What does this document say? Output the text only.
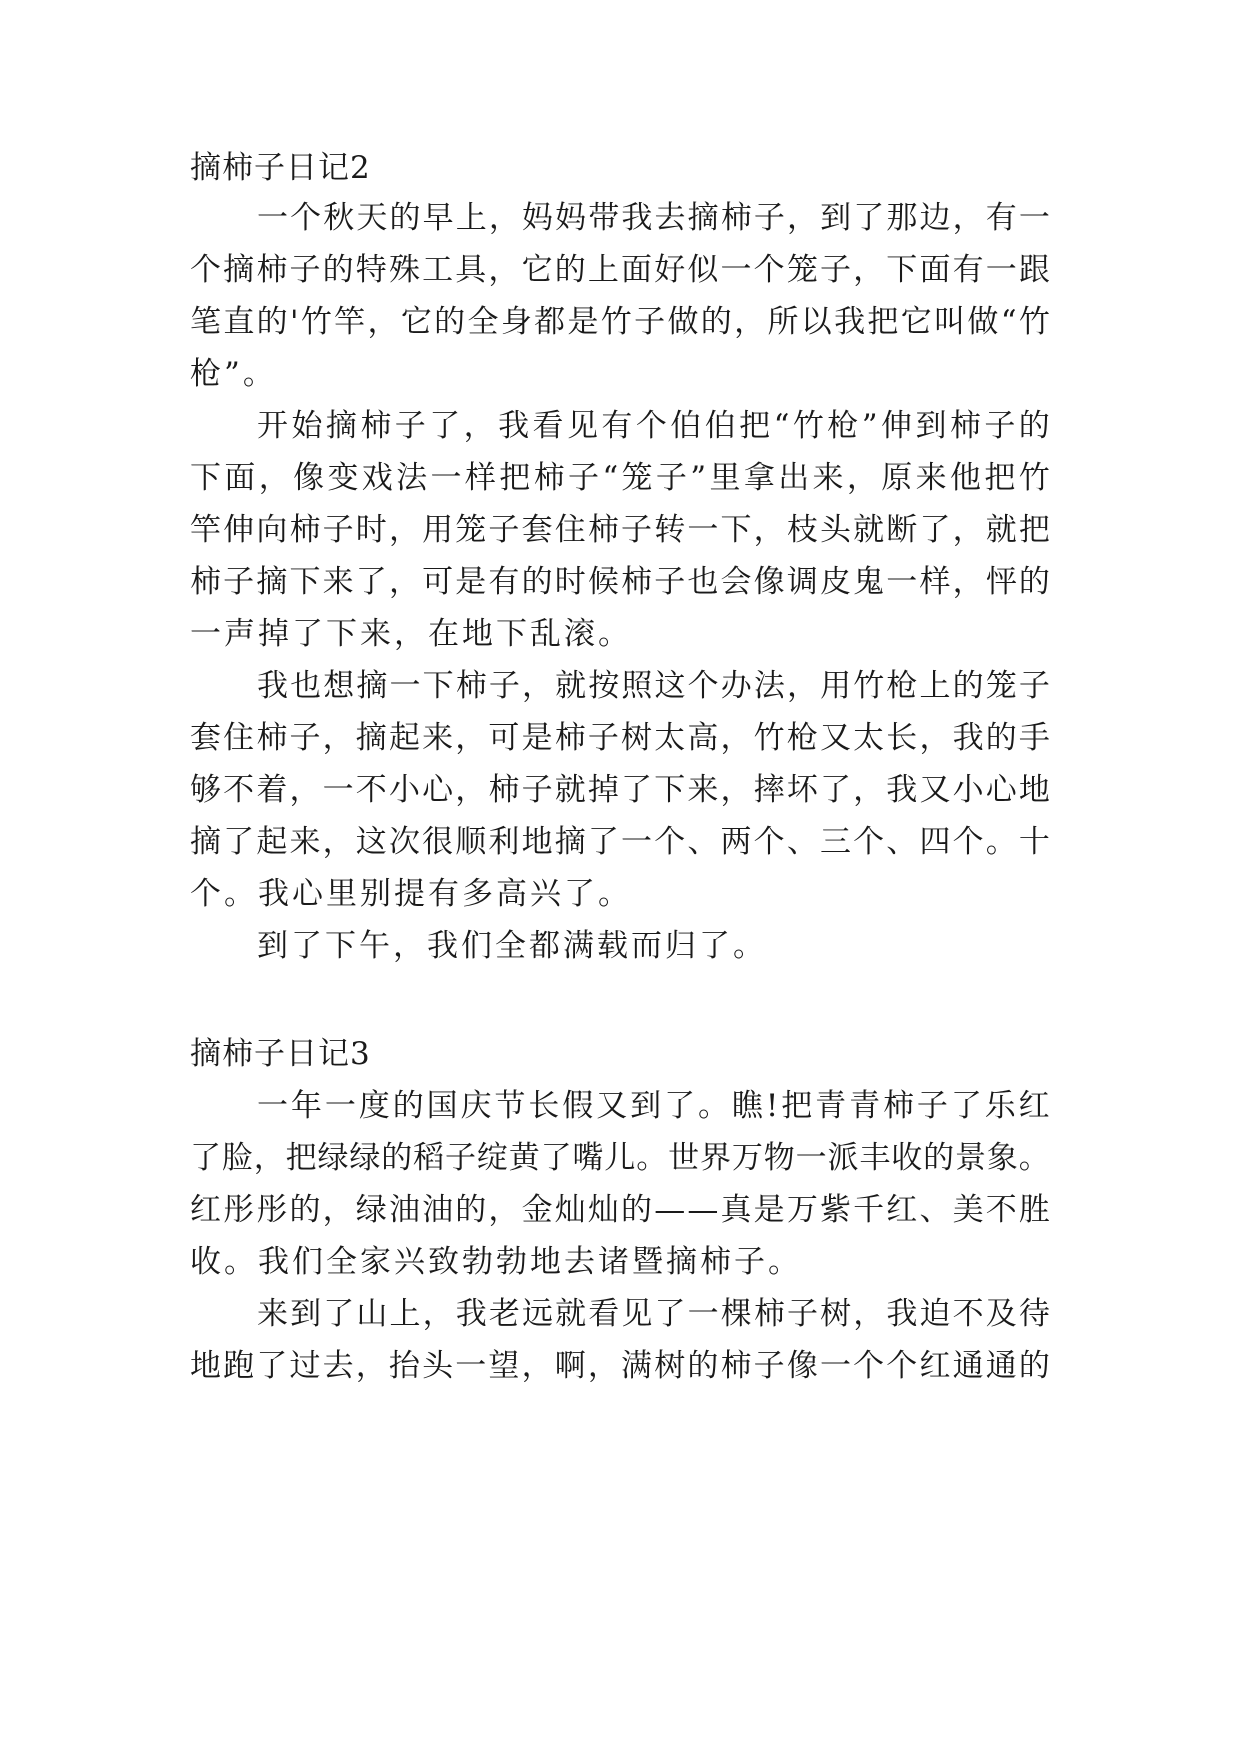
摘柿子日记2
一 个 秋 天 的 早 上 ， 妈 妈 带 我 去 摘 柿 子 ， 到 了 那 边 ， 有 一
个 摘 柿 子 的 特 殊 工 具 ， 它 的 上 面 好 似 一 个 笼 子 ， 下 面 有 一 跟
笔 直 的 ' 竹 竿 ， 它 的 全 身 都 是 竹 子 做 的 ， 所 以 我 把 它 叫 做 “ 竹
枪”。
开 始 摘 柿 子 了 ， 我 看 见 有 个 伯 伯 把 “ 竹 枪 ” 伸 到 柿 子 的
下 面 ， 像 变 戏 法 一 样 把 柿 子 “ 笼 子 ” 里 拿 出 来 ， 原 来 他 把 竹
竿 伸 向 柿 子 时 ， 用 笼 子 套 住 柿 子 转 一 下 ， 枝 头 就 断 了 ， 就 把
柿 子 摘 下 来 了 ， 可 是 有 的 时 候 柿 子 也 会 像 调 皮 鬼 一 样 ， 怦 的
一声掉了下来，在地下乱滚。
我 也 想 摘 一 下 柿 子 ， 就 按 照 这 个 办 法 ， 用 竹 枪 上 的 笼 子
套 住 柿 子 ， 摘 起 来 ， 可 是 柿 子 树 太 高 ， 竹 枪 又 太 长 ， 我 的 手
够 不 着 ， 一 不 小 心 ， 柿 子 就 掉 了 下 来 ， 摔 坏 了 ， 我 又 小 心 地
摘 了 起 来 ， 这 次 很 顺 利 地 摘 了 一 个 、 两 个 、 三 个 、 四 个 。 十
个。我心里别提有多高兴了。
到了下午，我们全都满载而归了。
摘柿子日记3
一 年 一 度 的 国 庆 节 长 假 又 到 了 。 瞧 ! 把 青 青 柿 子 了 乐 红
了 脸 ， 把 绿 绿 的 稻 子 绽 黄 了 嘴 儿 。 世 界 万 物 一 派 丰 收 的 景 象 。
红 彤 彤 的 ， 绿 油 油 的 ， 金 灿 灿 的 — — 真 是 万 紫 千 红 、 美 不 胜
收。我们全家兴致勃勃地去诸暨摘柿子。
来 到 了 山 上 ， 我 老 远 就 看 见 了 一 棵 柿 子 树 ， 我 迫 不 及 待
地 跑 了 过 去 ， 抬 头 一 望 ， 啊 ， 满 树 的 柿 子 像 一 个 个 红 通 通 的
